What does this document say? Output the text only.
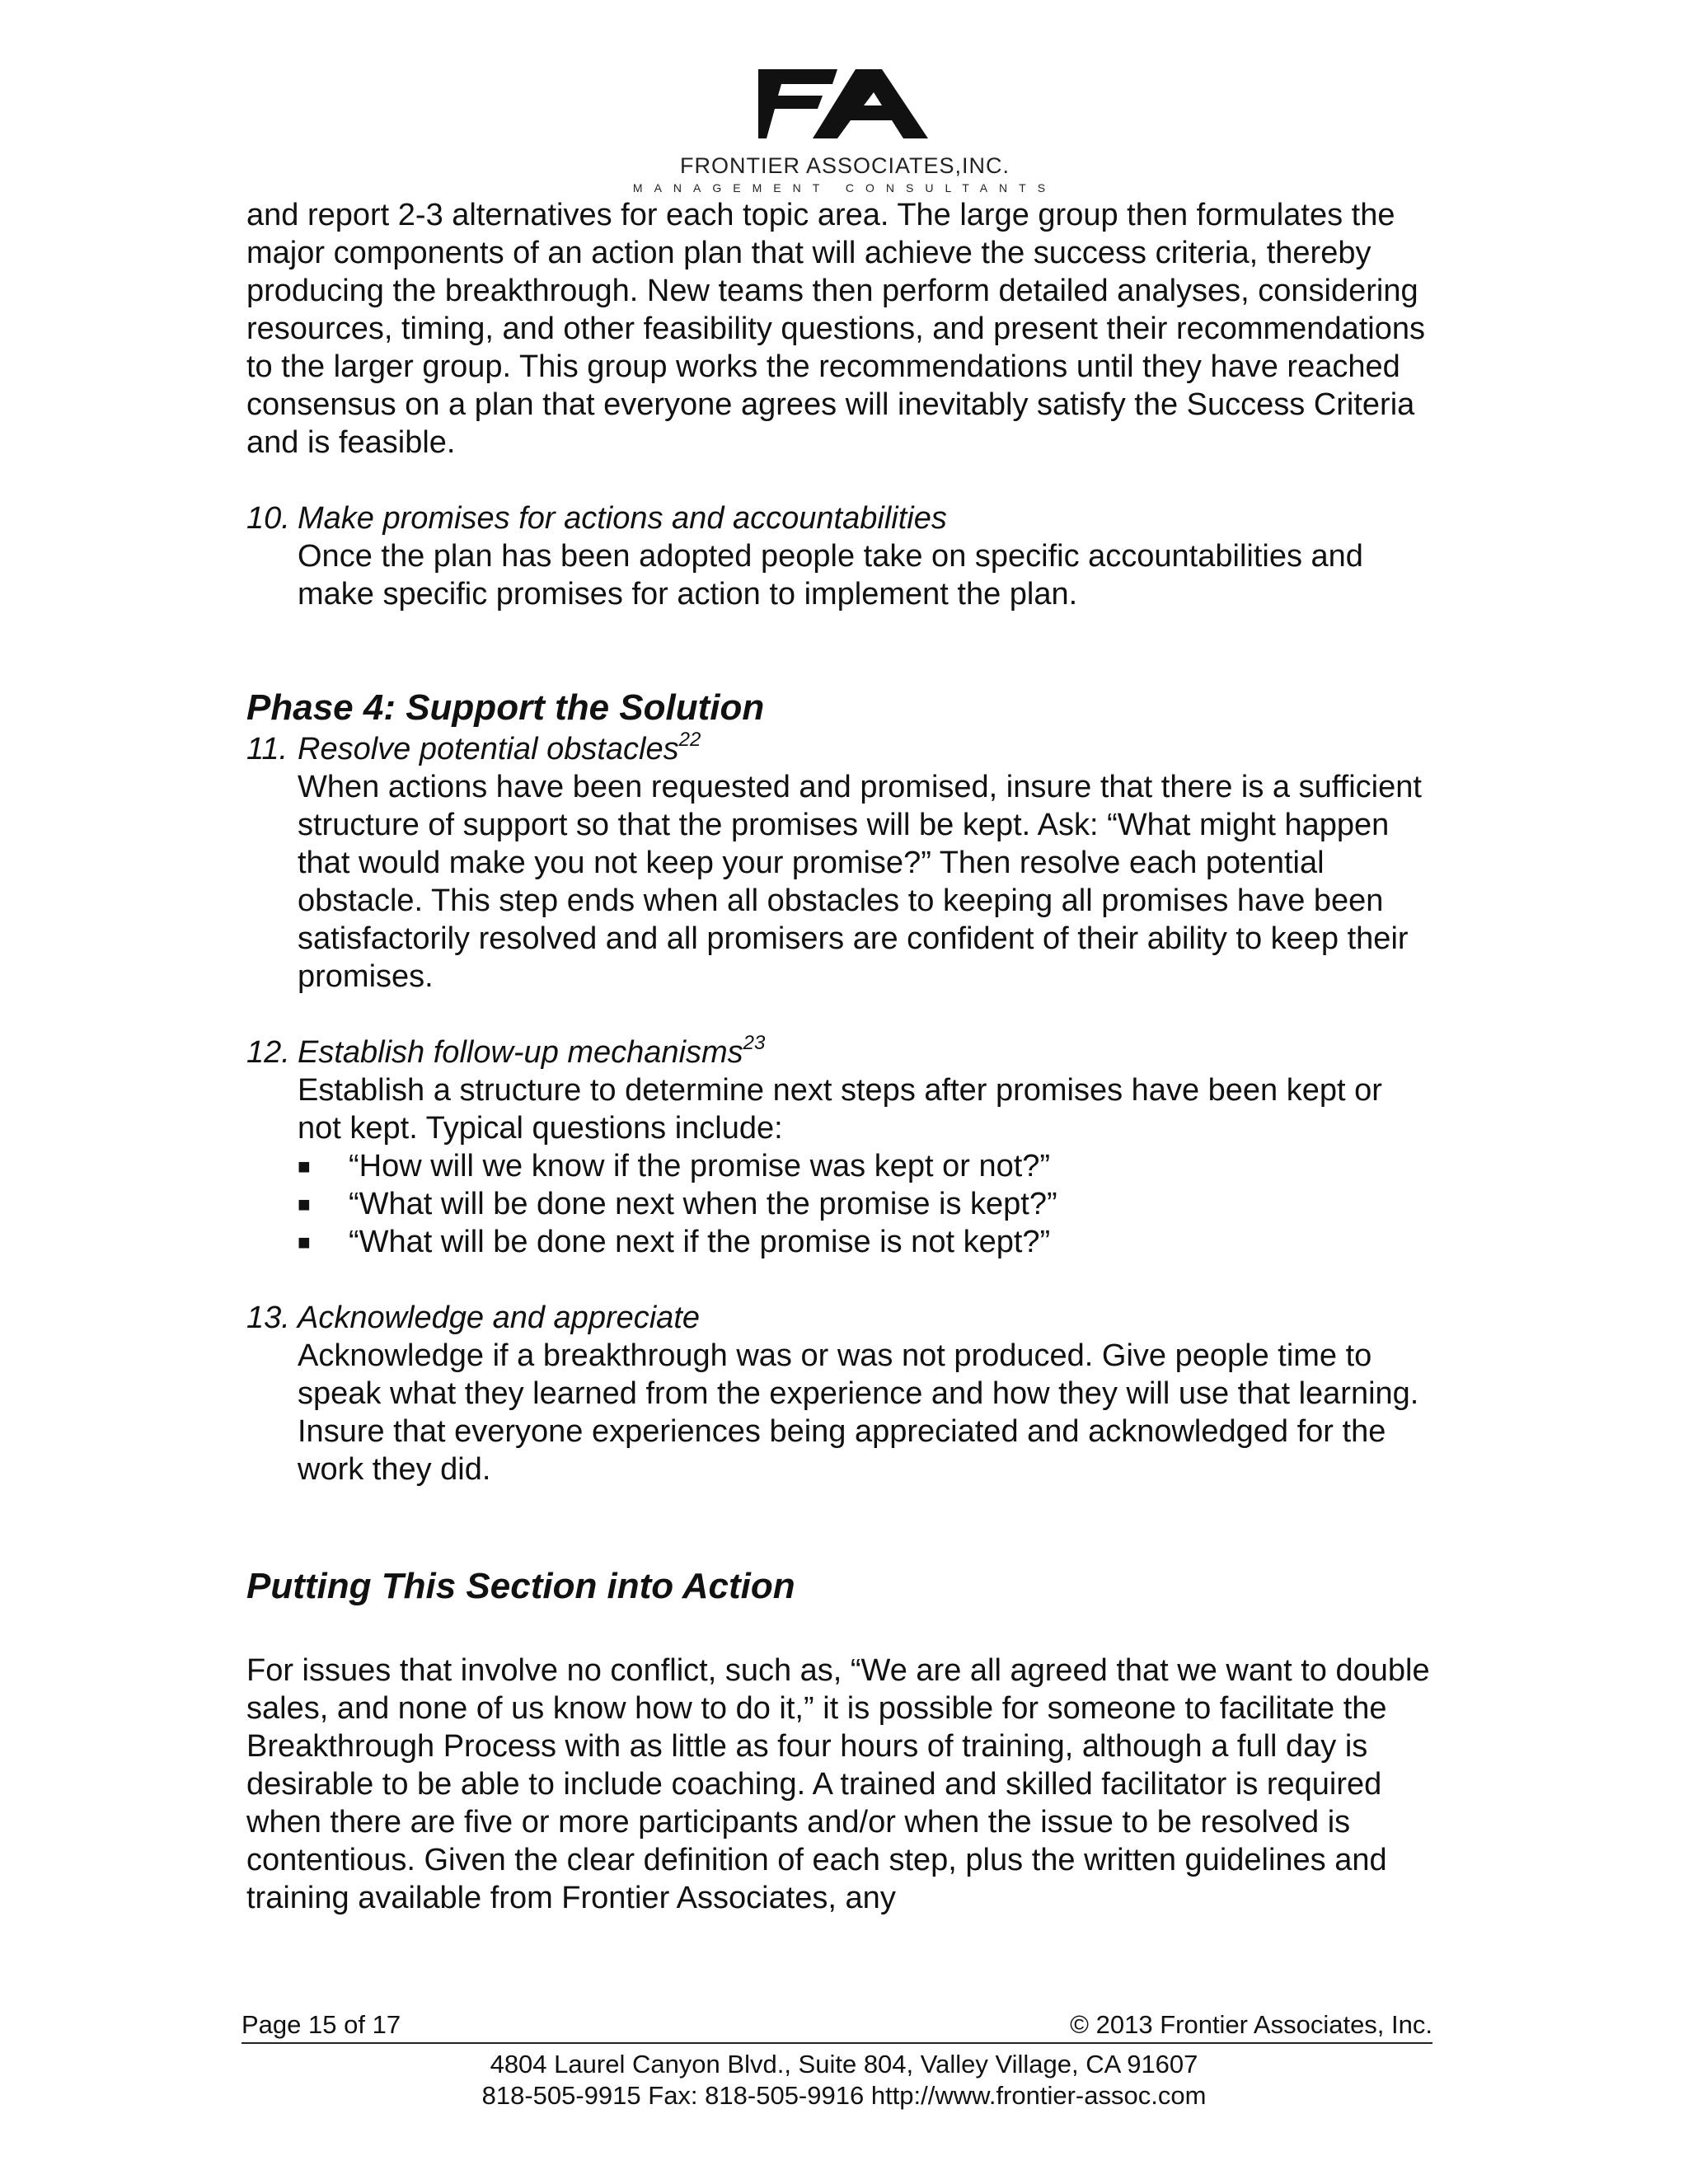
FRONTIER ASSOCIATES,INC.
MANAGEMENT CONSULTANTS

and report 2-3 alternatives for each topic area. The large group then formulates the major components of an action plan that will achieve the success criteria, thereby producing the breakthrough. New teams then perform detailed analyses, considering resources, timing, and other feasibility questions, and present their recommendations to the larger group. This group works the recommendations until they have reached consensus on a plan that everyone agrees will inevitably satisfy the Success Criteria and is feasible.

10. Make promises for actions and accountabilities

Once the plan has been adopted people take on specific accountabilities and make specific promises for action to implement the plan.

Phase 4: Support the Solution
11. Resolve potential obstacles$^{22}$

When actions have been requested and promised, insure that there is a sufficient structure of support so that the promises will be kept. Ask: “What might happen that would make you not keep your promise?” Then resolve each potential obstacle. This step ends when all obstacles to keeping all promises have been satisfactorily resolved and all promisers are confident of their ability to keep their promises.

12. Establish follow-up mechanisms$^{23}$

Establish a structure to determine next steps after promises have been kept or not kept. Typical questions include:

■	“How will we know if the promise was kept or not?”
■	“What will be done next when the promise is kept?”
■	“What will be done next if the promise is not kept?”
13. Acknowledge and appreciate

Acknowledge if a breakthrough was or was not produced. Give people time to speak what they learned from the experience and how they will use that learning. Insure that everyone experiences being appreciated and acknowledged for the work they did.

Putting This Section into Action

For issues that involve no conflict, such as, “We are all agreed that we want to double sales, and none of us know how to do it,” it is possible for someone to facilitate the Breakthrough Process with as little as four hours of training, although a full day is desirable to be able to include coaching. A trained and skilled facilitator is required when there are five or more participants and/or when the issue to be resolved is contentious. Given the clear definition of each step, plus the written guidelines and training available from Frontier Associates, any

Page 15 of 17	© 2013 Frontier Associates, Inc.
4804 Laurel Canyon Blvd., Suite 804, Valley Village, CA 91607
818-505-9915 Fax: 818-505-9916 http://www.frontier-assoc.com
